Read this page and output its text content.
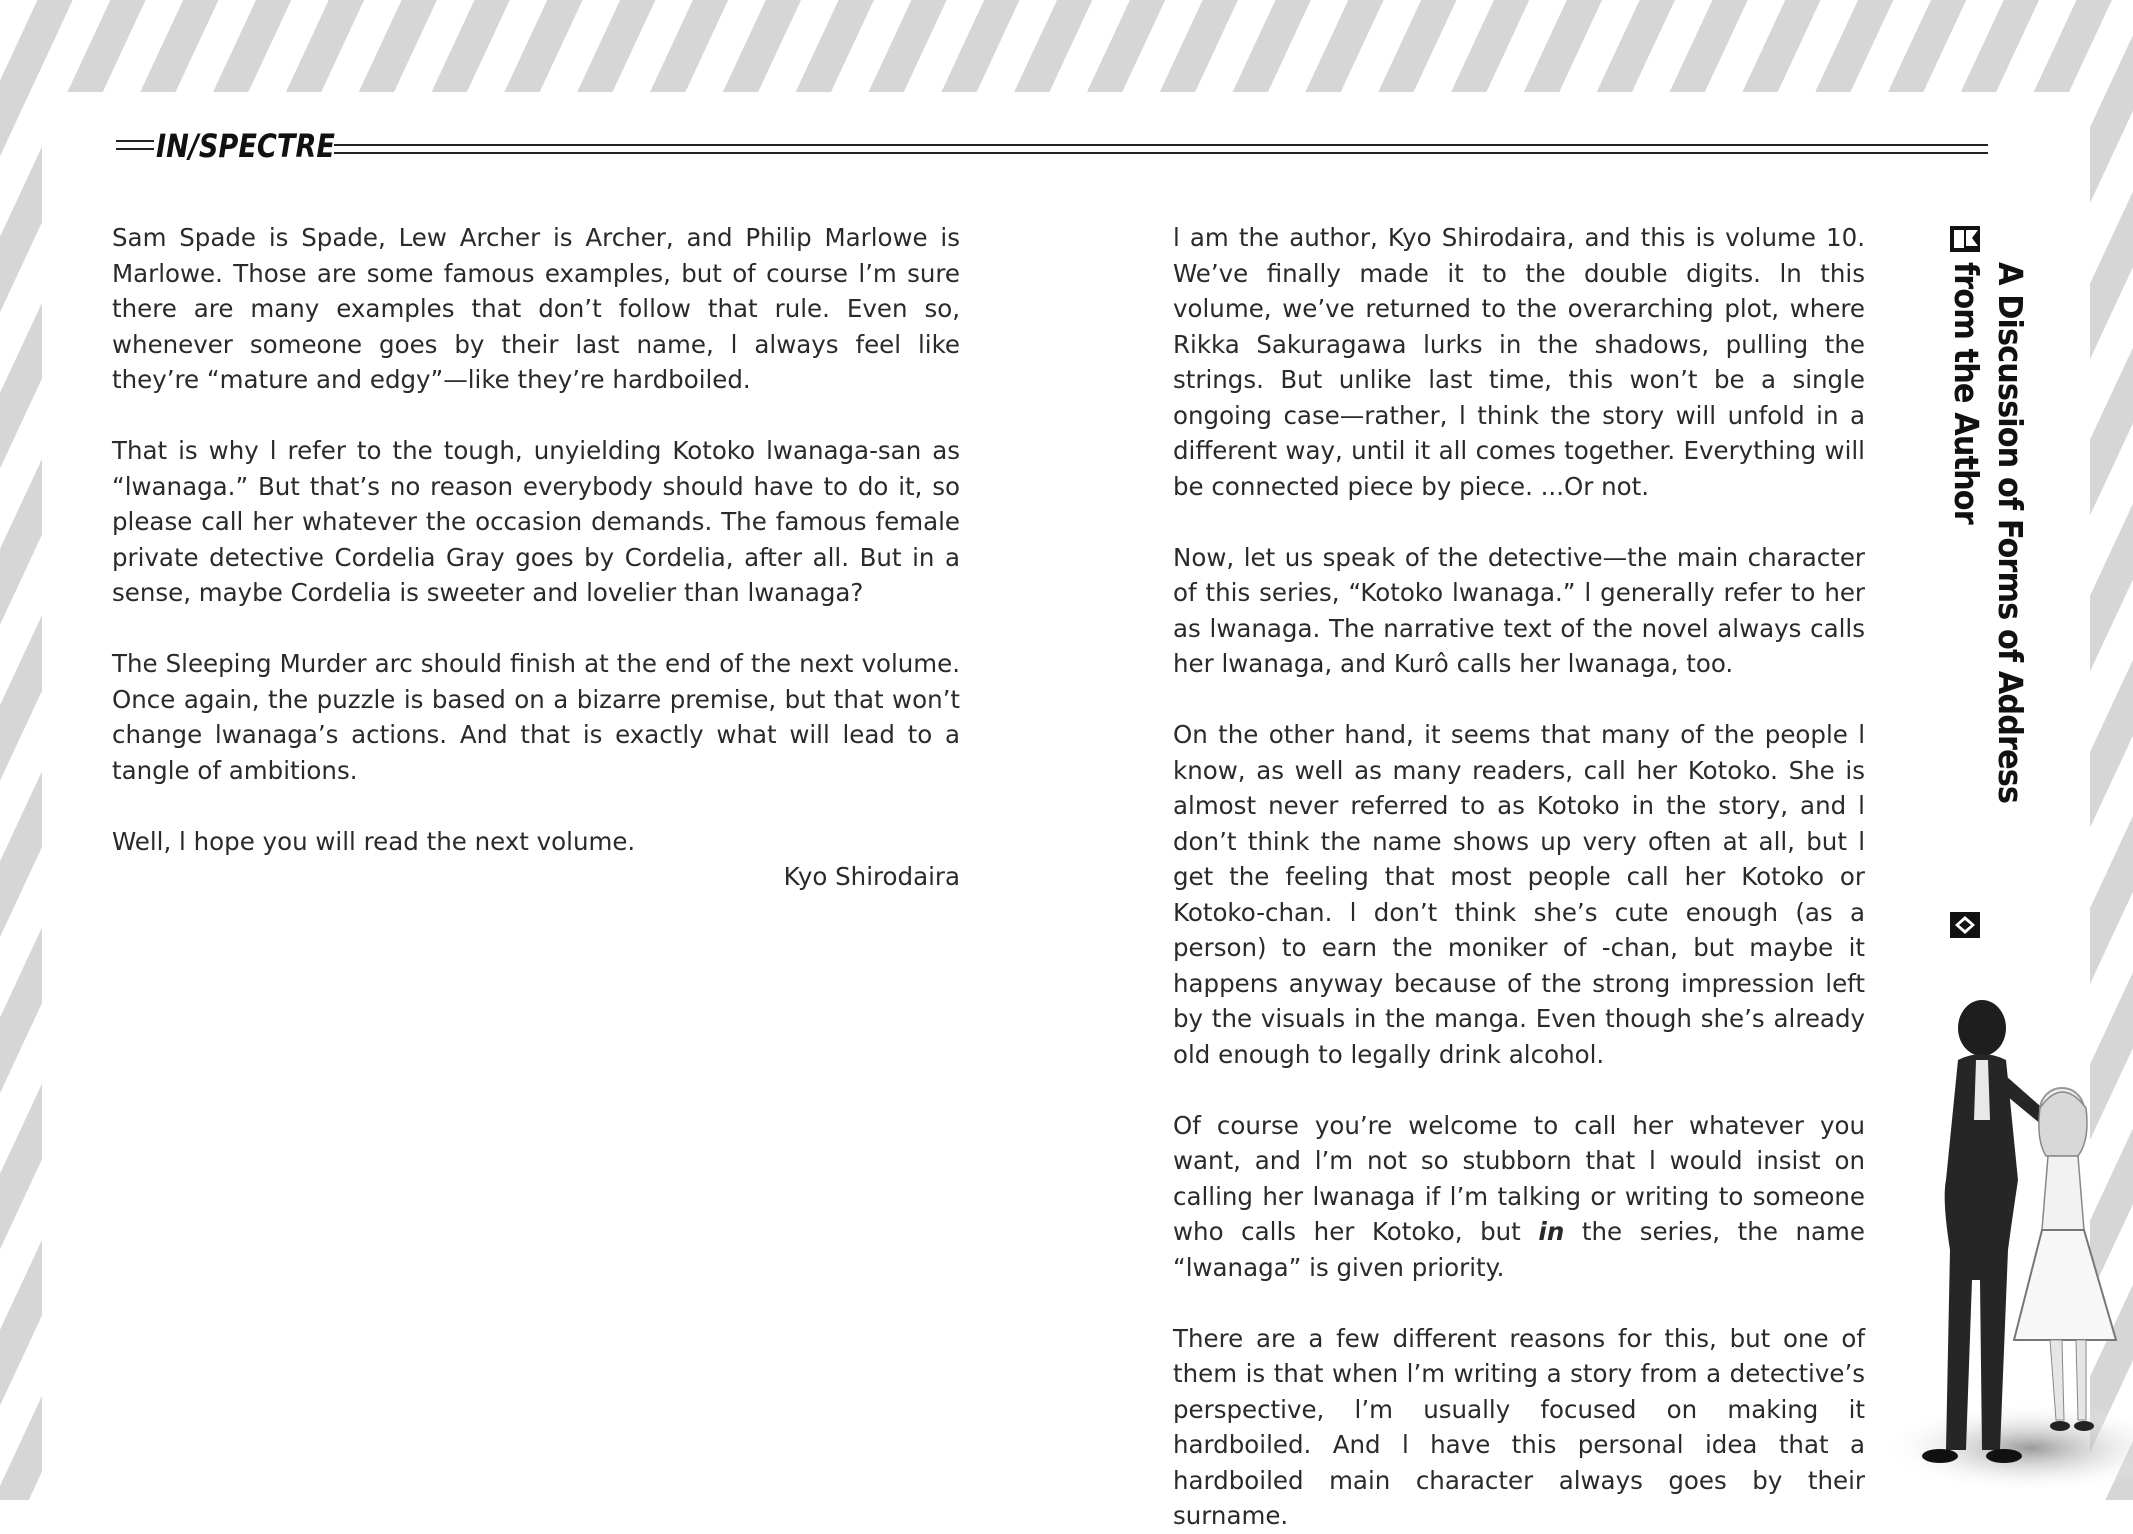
IN/SPECTRE

Sam Spade is Spade, Lew Archer is Archer, and Philip Marlowe is Marlowe. Those are some famous examples, but of course l’m sure there are many examples that don’t follow that rule. Even so, whenever someone goes by their last name, l always feel like they’re “mature and edgy”—like they’re hardboiled.

That is why l refer to the tough, unyielding Kotoko lwanaga-san as “lwanaga.” But that’s no reason everybody should have to do it, so please call her whatever the occasion demands. The famous female private detective Cordelia Gray goes by Cordelia, after all. But in a sense, maybe Cordelia is sweeter and lovelier than lwanaga?

The Sleeping Murder arc should finish at the end of the next volume. Once again, the puzzle is based on a bizarre premise, but that won’t change lwanaga’s actions. And that is exactly what will lead to a tangle of ambitions.

Well, l hope you will read the next volume.

Kyo Shirodaira

l am the author, Kyo Shirodaira, and this is volume 10. We’ve finally made it to the double digits. ln this volume, we’ve returned to the overarching plot, where Rikka Sakuragawa lurks in the shadows, pulling the strings. But unlike last time, this won’t be a single ongoing case—rather, l think the story will unfold in a different way, until it all comes together. Everything will be connected piece by piece. ...Or not.

Now, let us speak of the detective—the main character of this series, “Kotoko lwanaga.” l generally refer to her as lwanaga. The narrative text of the novel always calls her lwanaga, and Kurô calls her lwanaga, too.

On the other hand, it seems that many of the people l know, as well as many readers, call her Kotoko. She is almost never referred to as Kotoko in the story, and l don’t think the name shows up very often at all, but l get the feeling that most people call her Kotoko or Kotoko-chan. l don’t think she’s cute enough (as a person) to earn the moniker of -chan, but maybe it happens anyway because of the strong impression left by the visuals in the manga. Even though she’s already old enough to legally drink alcohol.

Of course you’re welcome to call her whatever you want, and l’m not so stubborn that l would insist on calling her lwanaga if l’m talking or writing to someone who calls her Kotoko, but in the series, the name “lwanaga” is given priority.

There are a few different reasons for this, but one of them is that when l’m writing a story from a detective’s perspective, l’m usually focused on making it hardboiled. And l have this personal idea that a hardboiled main character always goes by their surname.

A Discussion of Forms of Address from the Author
